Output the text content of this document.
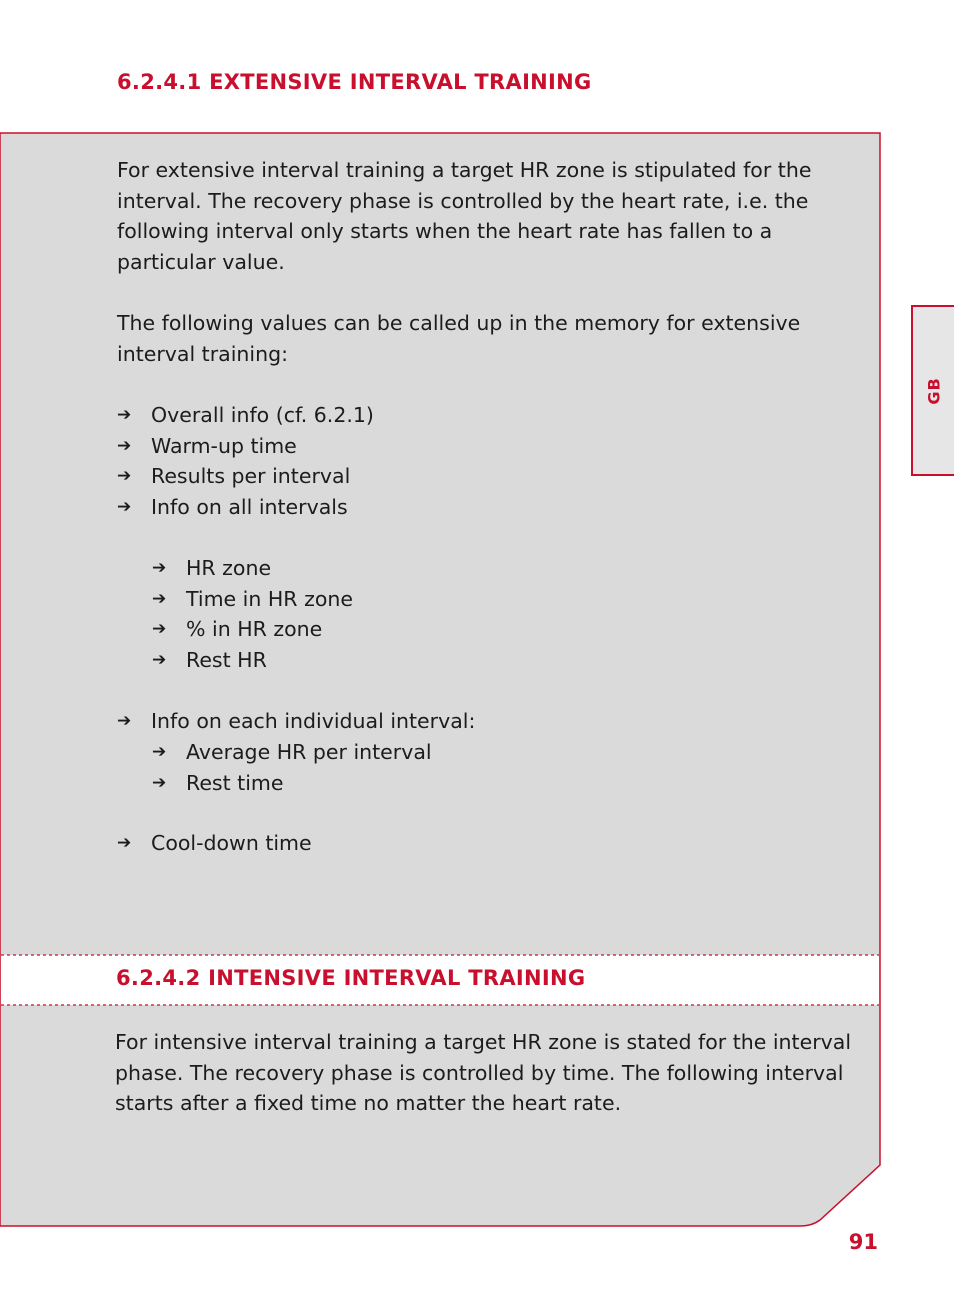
6.2.4.1 EXTENSIVE INTERVAL TRAINING

For extensive interval training a target HR zone is stipulated for the interval. The recovery phase is controlled by the heart rate, i.e. the following interval only starts when the heart rate has fallen to a particular value.

The following values can be called up in the memory for extensive interval training:

➔ Overall info (cf. 6.2.1)
➔ Warm-up time
➔ Results per interval
➔ Info on all intervals
➔ HR zone
➔ Time in HR zone
➔ % in HR zone
➔ Rest HR
➔ Info on each individual interval:
➔ Average HR per interval
➔ Rest time
➔ Cool-down time
6.2.4.2 INTENSIVE INTERVAL TRAINING

For intensive interval training a target HR zone is stated for the interval phase. The recovery phase is controlled by time. The following interval starts after a fixed time no matter the heart rate.

GB
91
